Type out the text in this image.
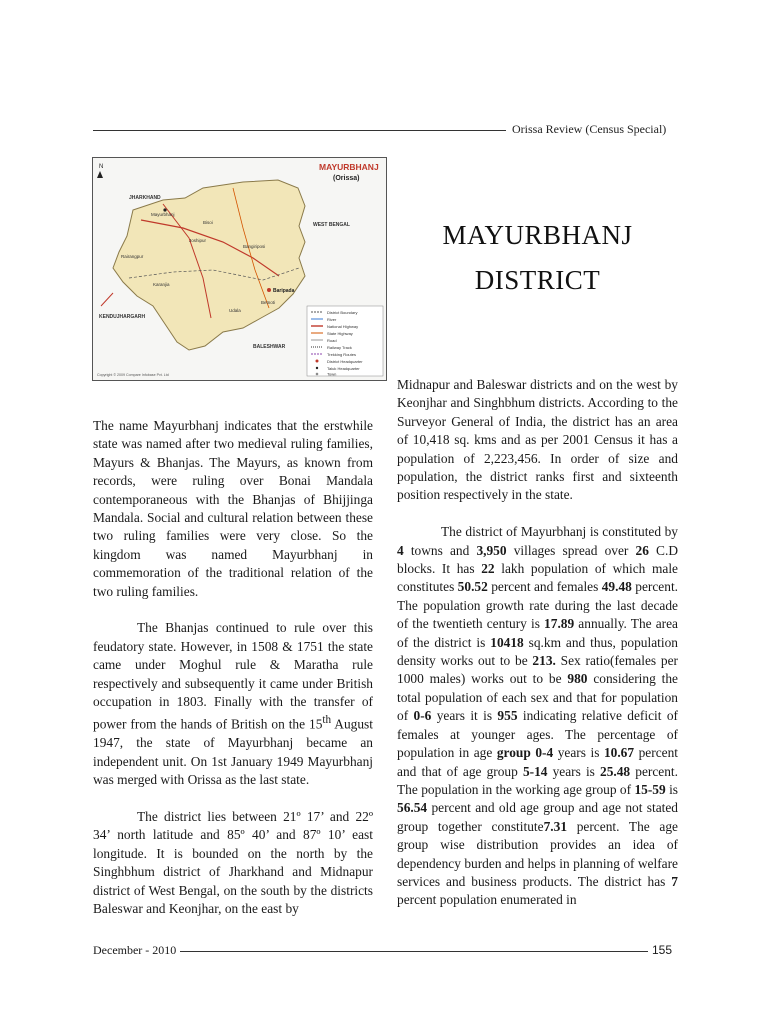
Orissa Review (Census Special)
N	MAYURBHANJ
(Orissa)
JHARKHAND
WEST BENGAL
KENDUJHARGARH
BALESHWAR
Mayurbhanj
Bisoi
Joshipur
Bangiriposi
Baripada
Betnoti
Udala
Karanjia
Rairangpur
District Boundary
River
National Highway
State Highway
Road
Railway Track
Trekking Routes
District Headquarter
Taluk Headquarter
Town
Copyright © 2009 Compare Infobase Pvt. Ltd
MAYURBHANJ
DISTRICT

The name Mayurbhanj indicates that the erstwhile state was named after two medieval ruling families, Mayurs & Bhanjas. The Mayurs, as known from records, were ruling over Bonai Mandala contemporaneous with the Bhanjas of Bhijjinga Mandala. Social and cultural relation between these two ruling families were very close. So the kingdom was named Mayurbhanj in commemoration of the traditional relation of the two ruling families.

The Bhanjas continued to rule over this feudatory state. However, in 1508 & 1751 the state came under Moghul rule & Maratha rule respectively and subsequently it came under British occupation in 1803. Finally with the transfer of power from the hands of British on the 15th August 1947, the state of Mayurbhanj became an independent unit. On 1st January 1949 Mayurbhanj was merged with Orissa as the last state.

The district lies between 21º 17’ and 22º 34’ north latitude and 85º 40’ and 87º 10’ east longitude. It is bounded on the north by the Singhbhum district of Jharkhand and Midnapur district of West Bengal, on the south by the districts Baleswar and Keonjhar, on the east by

Midnapur and Baleswar districts and on the west by Keonjhar and Singhbhum districts. According to the Surveyor General of India, the district has an area of 10,418 sq. kms and as per 2001 Census it has a population of 2,223,456. In order of size and population, the district ranks first and sixteenth position respectively in the state.

The district of Mayurbhanj is constituted by 4 towns and 3,950 villages spread over 26 C.D blocks. It has 22 lakh population of which male constitutes 50.52 percent and females 49.48 percent. The population growth rate during the last decade of the twentieth century is 17.89 annually. The area of the district is 10418 sq.km and thus, population density works out to be 213. Sex ratio(females per 1000 males) works out to be 980 considering the total population of each sex and that for population of 0-6 years it is 955 indicating relative deficit of females at younger ages. The percentage of population in age group 0-4 years is 10.67 percent and that of age group 5-14 years is 25.48 percent. The population in the working age group of 15-59 is 56.54 percent and old age group and age not stated group together constitute7.31 percent. The age group wise distribution provides an idea of dependency burden and helps in planning of welfare services and business products. The district has 7 percent population enumerated in

December - 2010	155
